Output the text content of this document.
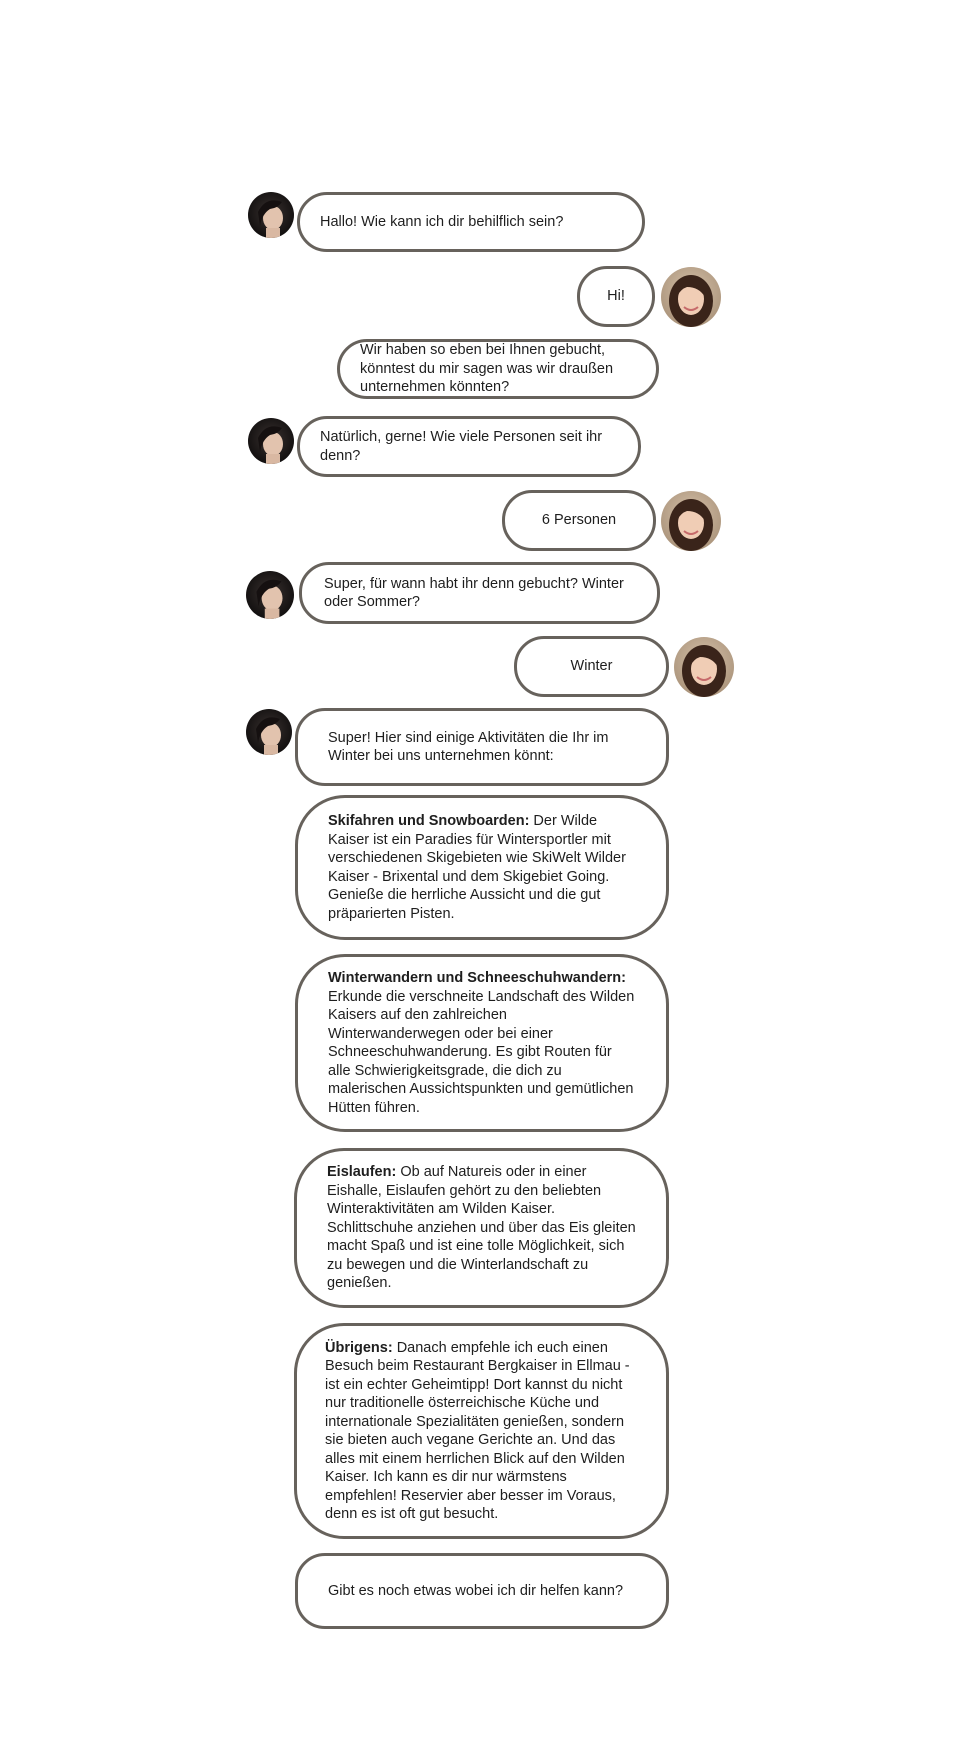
Hallo! Wie kann ich dir behilflich sein?
Hi!
Wir haben so eben bei Ihnen gebucht, könntest du mir sagen was wir draußen unternehmen könnten?
Natürlich, gerne! Wie viele Personen seit ihr denn?
6 Personen
Super, für wann habt ihr denn gebucht? Winter oder Sommer?
Winter
Super! Hier sind einige Aktivitäten die Ihr im Winter bei uns unternehmen könnt:
Skifahren und Snowboarden: Der Wilde Kaiser ist ein Paradies für Wintersportler mit verschiedenen Skigebieten wie SkiWelt Wilder Kaiser - Brixental und dem Skigebiet Going. Genieße die herrliche Aussicht und die gut präparierten Pisten.
Winterwandern und Schneeschuhwandern: Erkunde die verschneite Landschaft des Wilden Kaisers auf den zahlreichen Winterwanderwegen oder bei einer Schneeschuhwanderung. Es gibt Routen für alle Schwierigkeitsgrade, die dich zu malerischen Aussichtspunkten und gemütlichen Hütten führen.
Eislaufen: Ob auf Natureis oder in einer Eishalle, Eislaufen gehört zu den beliebten Winteraktivitäten am Wilden Kaiser. Schlittschuhe anziehen und über das Eis gleiten macht Spaß und ist eine tolle Möglichkeit, sich zu bewegen und die Winterlandschaft zu genießen.
Übrigens: Danach empfehle ich euch einen Besuch beim Restaurant Bergkaiser in Ellmau - ist ein echter Geheimtipp! Dort kannst du nicht nur traditionelle österreichische Küche und internationale Spezialitäten genießen, sondern sie bieten auch vegane Gerichte an. Und das alles mit einem herrlichen Blick auf den Wilden Kaiser. Ich kann es dir nur wärmstens empfehlen! Reservier aber besser im Voraus, denn es ist oft gut besucht.
Gibt es noch etwas wobei ich dir helfen kann?
